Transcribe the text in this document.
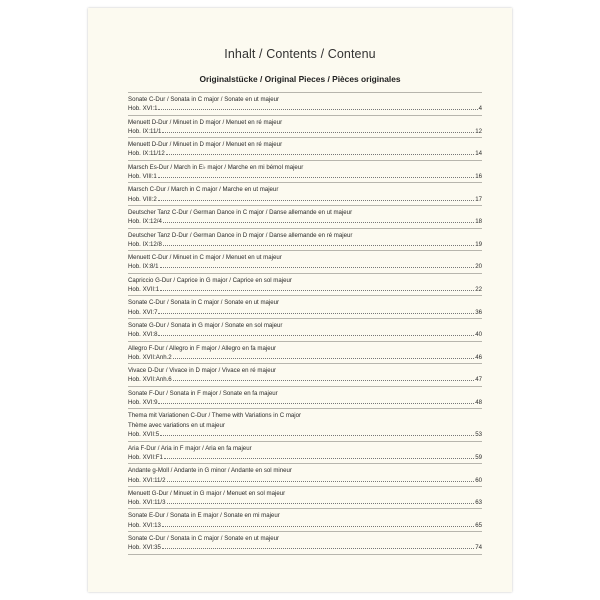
Inhalt / Contents / Contenu
Originalstücke / Original Pieces / Pièces originales
Sonate C-Dur / Sonata in C major / Sonate en ut majeur
Hob. XVI:1	4
Menuett D-Dur / Minuet in D major / Menuet en ré majeur
Hob. IX:11/1	12
Menuett D-Dur / Minuet in D major / Menuet en ré majeur
Hob. IX:11/12	14
Marsch Es-Dur / March in E♭ major / Marche en mi bémol majeur
Hob. VIII:1	16
Marsch C-Dur / March in C major / Marche en ut majeur
Hob. VIII:2	17
Deutscher Tanz C-Dur / German Dance in C major / Danse allemande en ut majeur
Hob. IX:12/4	18
Deutscher Tanz D-Dur / German Dance in D major / Danse allemande en ré majeur
Hob. IX:12/8	19
Menuett C-Dur / Minuet in C major / Menuet en ut majeur
Hob. IX:8/1	20
Capriccio G-Dur / Caprice in G major / Caprice en sol majeur
Hob. XVII:1	22
Sonate C-Dur / Sonata in C major / Sonate en ut majeur
Hob. XVI:7	36
Sonate G-Dur / Sonata in G major / Sonate en sol majeur
Hob. XVI:8	40
Allegro F-Dur / Allegro in F major / Allegro en fa majeur
Hob. XVII:Anh.2	46
Vivace D-Dur / Vivace in D major / Vivace en ré majeur
Hob. XVII:Anh.6	47
Sonate F-Dur / Sonata in F major / Sonate en fa majeur
Hob. XVI:9	48
Thema mit Variationen C-Dur / Theme with Variations in C major
Thème avec variations en ut majeur
Hob. XVII:5	53
Aria F-Dur / Aria in F major / Aria en fa majeur
Hob. XVII:F1	59
Andante g-Moll / Andante in G minor / Andante en sol mineur
Hob. XVI:11/2	60
Menuett G-Dur / Minuet in G major / Menuet en sol majeur
Hob. XVI:11/3	63
Sonate E-Dur / Sonata in E major / Sonate en mi majeur
Hob. XVI:13	65
Sonate C-Dur / Sonata in C major / Sonate en ut majeur
Hob. XVI:35	74
